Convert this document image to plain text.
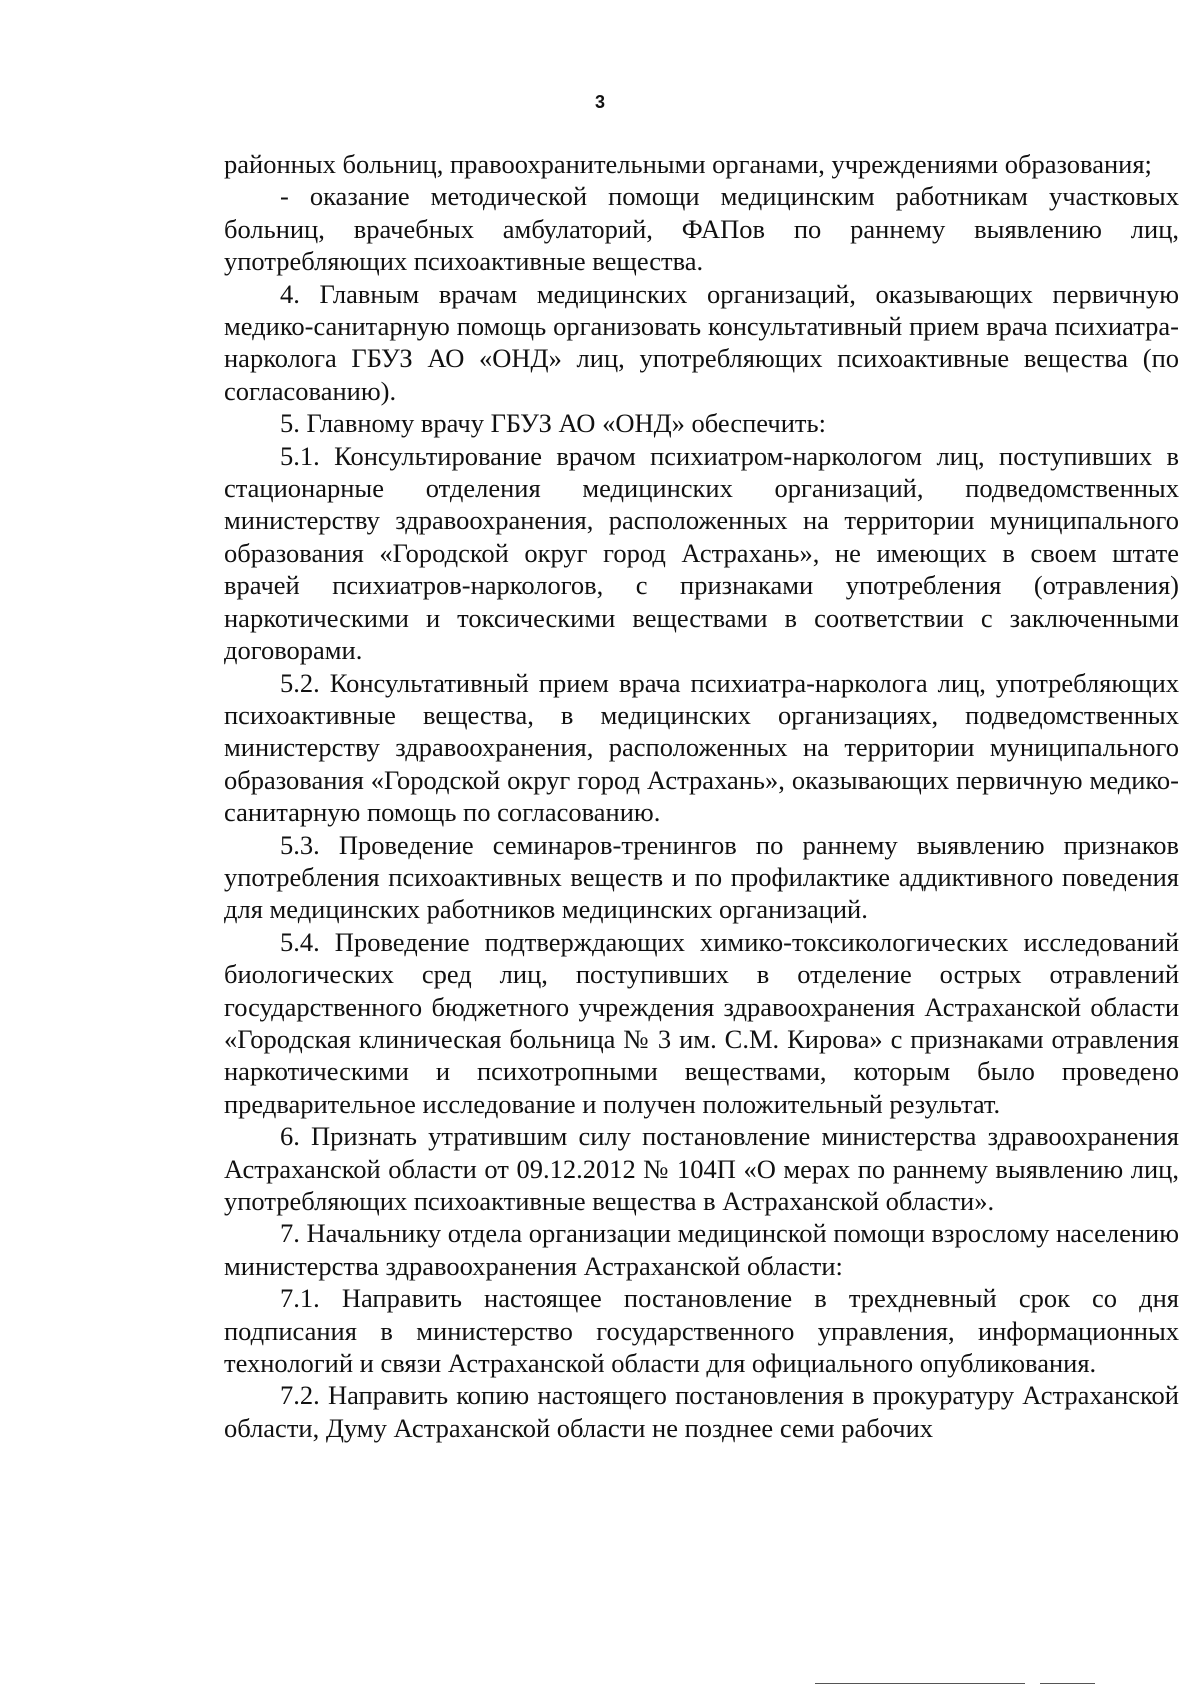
3

районных больниц, правоохранительными органами, учреждениями образования;

- оказание методической помощи медицинским работникам участковых больниц, врачебных амбулаторий, ФАПов по раннему выявлению лиц, употребляющих психоактивные вещества.

4. Главным врачам медицинских организаций, оказывающих первичную медико-санитарную помощь организовать консультативный прием врача психиатра-нарколога ГБУЗ АО «ОНД» лиц, употребляющих психоактивные вещества (по согласованию).

5. Главному врачу ГБУЗ АО «ОНД» обеспечить:

5.1. Консультирование врачом психиатром-наркологом лиц, поступивших в стационарные отделения медицинских организаций, подведомственных министерству здравоохранения, расположенных на территории муниципального образования «Городской округ город Астрахань», не имеющих в своем штате врачей психиатров-наркологов, с признаками употребления (отравления) наркотическими и токсическими веществами в соответствии с заключенными договорами.

5.2. Консультативный прием врача психиатра-нарколога лиц, употребляющих психоактивные вещества, в медицинских организациях, подведомственных министерству здравоохранения, расположенных на территории муниципального образования «Городской округ город Астрахань», оказывающих первичную медико-санитарную помощь по согласованию.

5.3. Проведение семинаров-тренингов по раннему выявлению признаков употребления психоактивных веществ и по профилактике аддиктивного поведения для медицинских работников медицинских организаций.

5.4. Проведение подтверждающих химико-токсикологических исследований биологических сред лиц, поступивших в отделение острых отравлений государственного бюджетного учреждения здравоохранения Астраханской области «Городская клиническая больница № 3 им. С.М. Кирова» с признаками отравления наркотическими и психотропными веществами, которым было проведено предварительное исследование и получен положительный результат.

6. Признать утратившим силу постановление министерства здравоохранения Астраханской области от 09.12.2012 № 104П «О мерах по раннему выявлению лиц, употребляющих психоактивные вещества в Астраханской области».

7. Начальнику отдела организации медицинской помощи взрослому населению министерства здравоохранения Астраханской области:

7.1. Направить настоящее постановление в трехдневный срок со дня подписания в министерство государственного управления, информационных технологий и связи Астраханской области для официального опубликования.

7.2. Направить копию настоящего постановления в прокуратуру Астраханской области, Думу Астраханской области не позднее семи рабочих
